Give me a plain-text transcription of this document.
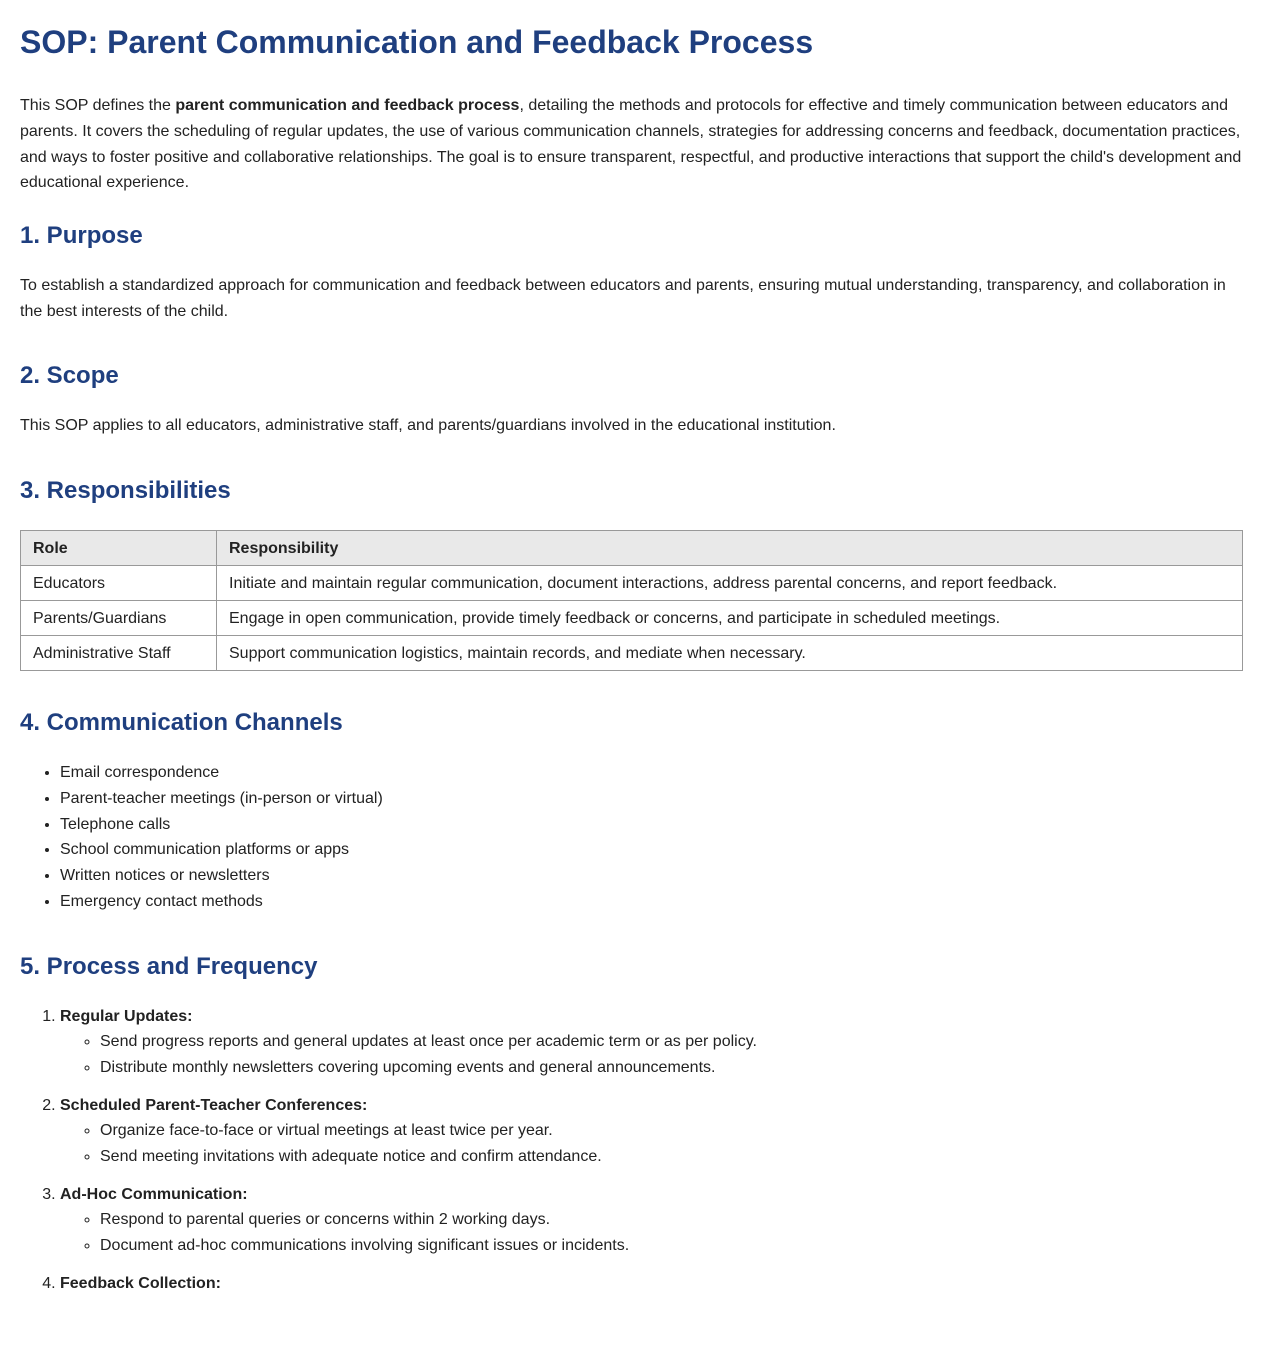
SOP: Parent Communication and Feedback Process

This SOP defines the parent communication and feedback process, detailing the methods and protocols for effective and timely communication between educators and parents. It covers the scheduling of regular updates, the use of various communication channels, strategies for addressing concerns and feedback, documentation practices, and ways to foster positive and collaborative relationships. The goal is to ensure transparent, respectful, and productive interactions that support the child's development and educational experience.

1. Purpose

To establish a standardized approach for communication and feedback between educators and parents, ensuring mutual understanding, transparency, and collaboration in the best interests of the child.

2. Scope

This SOP applies to all educators, administrative staff, and parents/guardians involved in the educational institution.

3. Responsibilities
Role	Responsibility
Educators	Initiate and maintain regular communication, document interactions, address parental concerns, and report feedback.
Parents/Guardians	Engage in open communication, provide timely feedback or concerns, and participate in scheduled meetings.
Administrative Staff	Support communication logistics, maintain records, and mediate when necessary.
4. Communication Channels
• Email correspondence
• Parent-teacher meetings (in-person or virtual)
• Telephone calls
• School communication platforms or apps
• Written notices or newsletters
• Emergency contact methods
5. Process and Frequency
1. Regular Updates:
◦ Send progress reports and general updates at least once per academic term or as per policy.
◦ Distribute monthly newsletters covering upcoming events and general announcements.
2. Scheduled Parent-Teacher Conferences:
◦ Organize face-to-face or virtual meetings at least twice per year.
◦ Send meeting invitations with adequate notice and confirm attendance.
3. Ad-Hoc Communication:
◦ Respond to parental queries or concerns within 2 working days.
◦ Document ad-hoc communications involving significant issues or incidents.
4. Feedback Collection:
